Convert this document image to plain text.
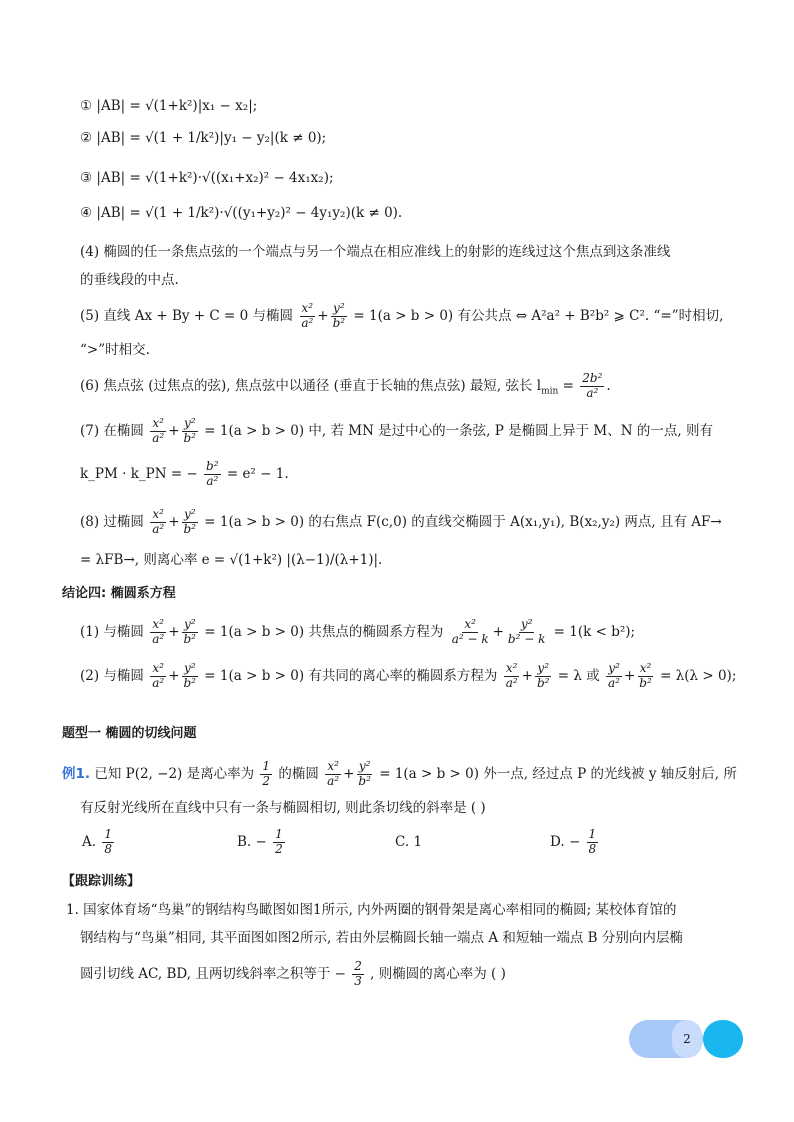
① |AB| = √(1+k²)|x₁ − x₂|;
② |AB| = √(1 + 1/k²)|y₁ − y₂|(k ≠ 0);
③ |AB| = √(1+k²)·√((x₁+x₂)² − 4x₁x₂);
④ |AB| = √(1 + 1/k²)·√((y₁+y₂)² − 4y₁y₂)(k ≠ 0).
(4) 椭圆的任一条焦点弦的一个端点与另一个端点在相应准线上的射影的连线过这个焦点到这条准线
的垂线段的中点.
(5) 直线 Ax + By + C = 0 与椭圆 $\frac{\text{x²}}{\text{a²}} + \frac{\text{y²}}{\text{b²}} = 1(a > b > 0)$ 有公共点 ⇔ A²a² + B²b² ⩾ C². “=”时相切,
“>”时相交.
(6) 焦点弦 (过焦点的弦), 焦点弦中以通径 (垂直于长轴的焦点弦) 最短, 弦长 $l_{min} = \frac{\text{2b²}}{\text{a²}}$ .
(7) 在椭圆 $\frac{\text{x²}}{\text{a²}} + \frac{\text{y²}}{\text{b²}} = 1(a > b > 0)$ 中, 若 MN 是过中心的一条弦, P 是椭圆上异于 M、N 的一点, 则有
k_PM · k_PN = − $\frac{\text{b²}}{\text{a²}} = e^2 - 1$.
(8) 过椭圆 $\frac{\text{x²}}{\text{a²}} + \frac{\text{y²}}{\text{b²}} = 1(a > b > 0)$ 的右焦点 F(c,0) 的直线交椭圆于 A(x₁,y₁), B(x₂,y₂) 两点, 且有 AF→
= λFB→, 则离心率 e = √(1+k²) |(λ−1)/(λ+1)|.
结论四: 椭圆系方程
(1) 与椭圆 $\frac{\text{x²}}{\text{a²}} + \frac{\text{y²}}{\text{b²}} = 1(a > b > 0)$ 共焦点的椭圆系方程为 $\frac{\text{x²}}{\text{a² − k}} + \frac{\text{y²}}{\text{b² − k}} = 1(k < b^2)$;
(2) 与椭圆 $\frac{\text{x²}}{\text{a²}} + \frac{\text{y²}}{\text{b²}} = 1(a > b > 0)$ 有共同的离心率的椭圆系方程为 $\frac{\text{x²}}{\text{a²}} + \frac{\text{y²}}{\text{b²}} = \lambda$ 或 $\frac{\text{y²}}{\text{a²}} + \frac{\text{x²}}{\text{b²}} = \lambda(\lambda > 0)$;
题型一 椭圆的切线问题
例1. 已知 P(2, −2) 是离心率为 $\frac{1}{2}$ 的椭圆 $\frac{\text{x²}}{\text{a²}} + \frac{\text{y²}}{\text{b²}} = 1(a > b > 0)$ 外一点, 经过点 P 的光线被 y 轴反射后, 所
有反射光线所在直线中只有一条与椭圆相切, 则此条切线的斜率是 ( )
A. $\frac{1}{8}$	B. − $\frac{1}{2}$	C. 1	D. − $\frac{1}{8}$
【跟踪训练】
1. 国家体育场“鸟巢”的钢结构鸟瞰图如图1所示, 内外两圈的钢骨架是离心率相同的椭圆; 某校体育馆的
钢结构与“鸟巢”相同, 其平面图如图2所示, 若由外层椭圆长轴一端点 A 和短轴一端点 B 分别向内层椭
圆引切线 AC, BD, 且两切线斜率之积等于 − $\frac{2}{3}$ , 则椭圆的离心率为 ( )
2
